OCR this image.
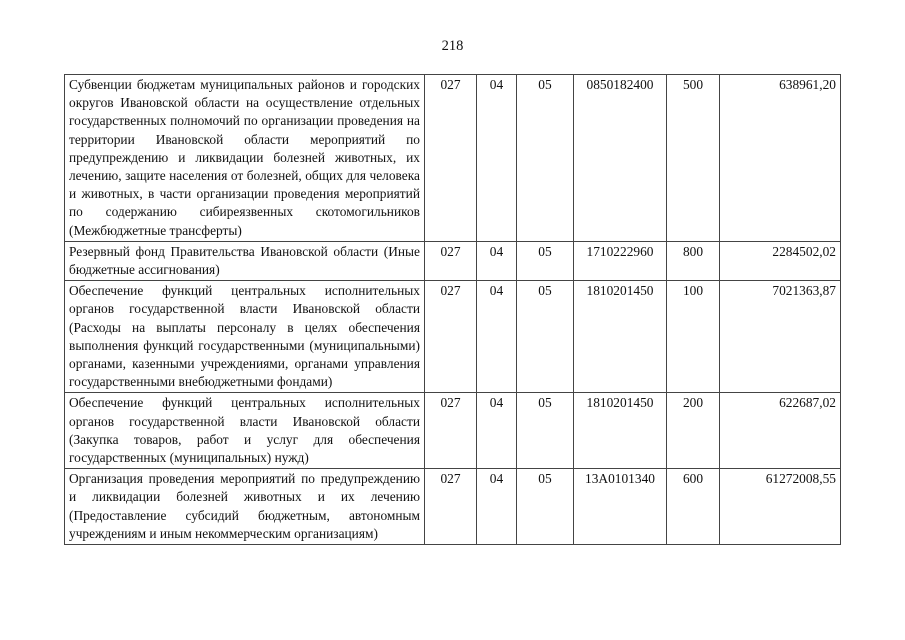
218
Субвенции бюджетам муниципальных районов и городских округов Ивановской области на осуществление отдельных государственных полномочий по организации проведения на территории Ивановской области мероприятий по предупреждению и ликвидации болезней животных, их лечению, защите населения от болезней, общих для человека и животных, в части организации проведения мероприятий по содержанию сибиреязвенных скотомогильников (Межбюджетные трансферты)	027	04	05	0850182400	500	638961,20
Резервный фонд Правительства Ивановской области (Иные бюджетные ассигнования)	027	04	05	1710222960	800	2284502,02
Обеспечение функций центральных исполнительных органов государственной власти Ивановской области (Расходы на выплаты персоналу в целях обеспечения выполнения функций государственными (муниципальными) органами, казенными учреждениями, органами управления государственными внебюджетными фондами)	027	04	05	1810201450	100	7021363,87
Обеспечение функций центральных исполнительных органов государственной власти Ивановской области (Закупка товаров, работ и услуг для обеспечения государственных (муниципальных) нужд)	027	04	05	1810201450	200	622687,02
Организация проведения мероприятий по предупреждению и ликвидации болезней животных и их лечению (Предоставление субсидий бюджетным, автономным учреждениям и иным некоммерческим организациям)	027	04	05	13А0101340	600	61272008,55
